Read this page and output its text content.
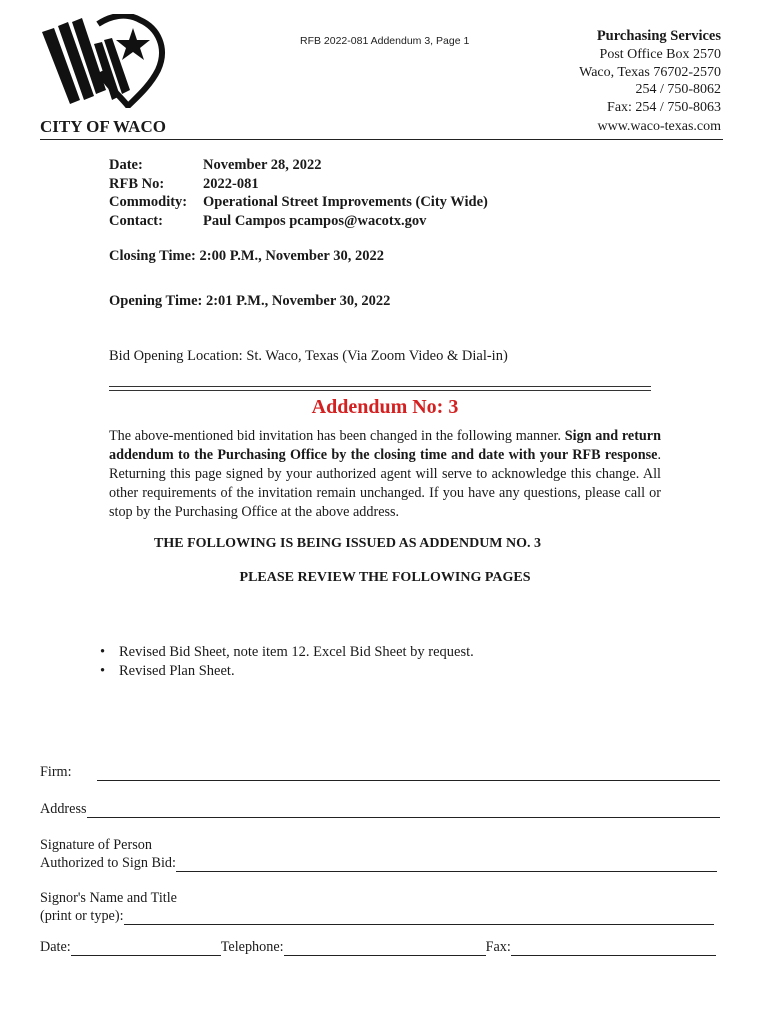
RFB 2022-081 Addendum 3, Page 1	Purchasing Services
Post Office Box 2570
Waco, Texas 76702-2570
254 / 750-8062
Fax: 254 / 750-8063
CITY OF WACO	www.waco-texas.com
Date:	November 28, 2022
RFB No:	2022-081
Commodity:	Operational Street Improvements (City Wide)
Contact:	Paul Campos pcampos@wacotx.gov
Closing Time: 2:00 P.M., November 30, 2022
Opening Time: 2:01 P.M., November 30, 2022
Bid Opening Location: St. Waco, Texas (Via Zoom Video & Dial-in)
Addendum No: 3
The above-mentioned bid invitation has been changed in the following manner. Sign and return addendum to the Purchasing Office by the closing time and date with your RFB response. Returning this page signed by your authorized agent will serve to acknowledge this change. All other requirements of the invitation remain unchanged. If you have any questions, please call or stop by the Purchasing Office at the above address.
THE FOLLOWING IS BEING ISSUED AS ADDENDUM NO. 3
PLEASE REVIEW THE FOLLOWING PAGES
• Revised Bid Sheet, note item 12. Excel Bid Sheet by request.
• Revised Plan Sheet.
Firm:
Address
Signature of Person
Authorized to Sign Bid:
Signor's Name and Title
(print or type):
Date:	Telephone:	Fax:
